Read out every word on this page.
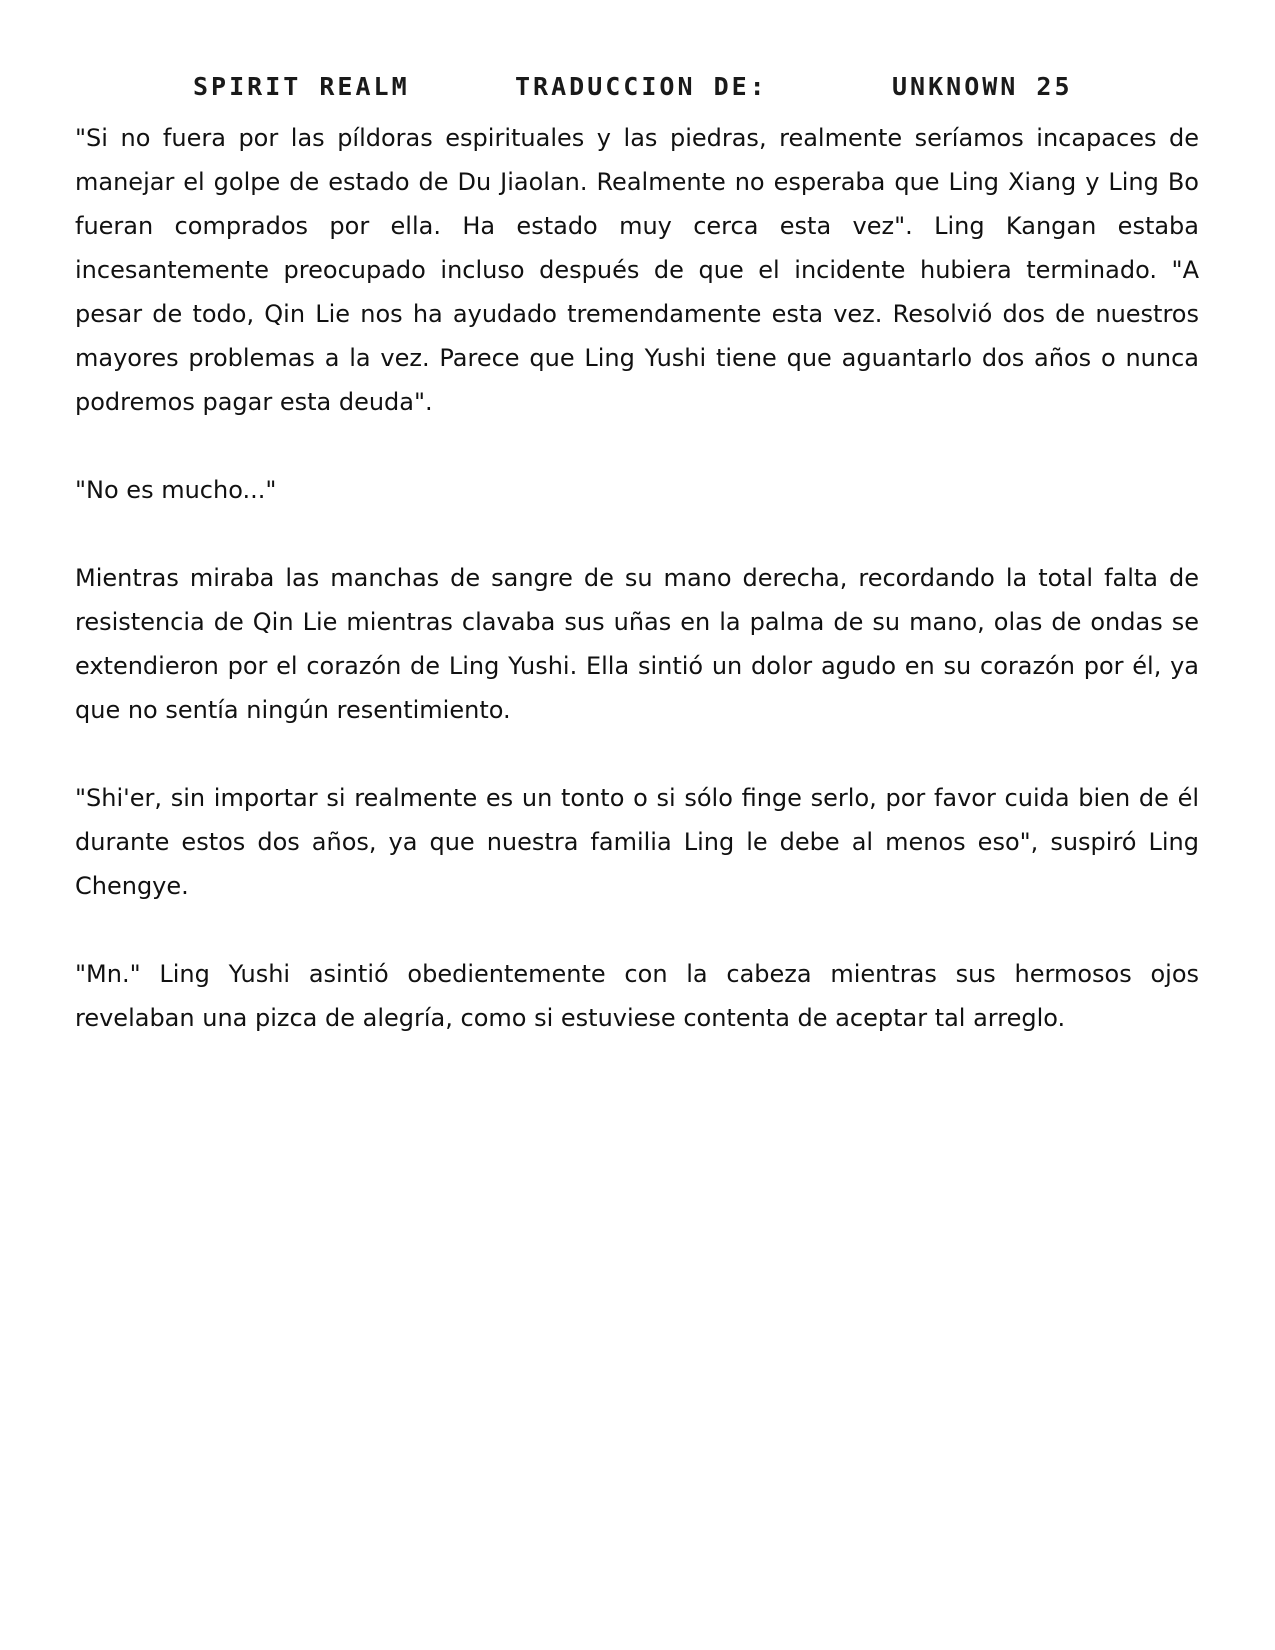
SPIRIT REALM	TRADUCCION DE:	UNKNOWN 25

"Si no fuera por las píldoras espirituales y las piedras, realmente seríamos incapaces de manejar el golpe de estado de Du Jiaolan. Realmente no esperaba que Ling Xiang y Ling Bo fueran comprados por ella. Ha estado muy cerca esta vez". Ling Kangan estaba incesantemente preocupado incluso después de que el incidente hubiera terminado. "A pesar de todo, Qin Lie nos ha ayudado tremendamente esta vez. Resolvió dos de nuestros mayores problemas a la vez. Parece que Ling Yushi tiene que aguantarlo dos años o nunca podremos pagar esta deuda".

"No es mucho..."

Mientras miraba las manchas de sangre de su mano derecha, recordando la total falta de resistencia de Qin Lie mientras clavaba sus uñas en la palma de su mano, olas de ondas se extendieron por el corazón de Ling Yushi. Ella sintió un dolor agudo en su corazón por él, ya que no sentía ningún resentimiento.

"Shi'er, sin importar si realmente es un tonto o si sólo finge serlo, por favor cuida bien de él durante estos dos años, ya que nuestra familia Ling le debe al menos eso", suspiró Ling Chengye.

"Mn." Ling Yushi asintió obedientemente con la cabeza mientras sus hermosos ojos revelaban una pizca de alegría, como si estuviese contenta de aceptar tal arreglo.
